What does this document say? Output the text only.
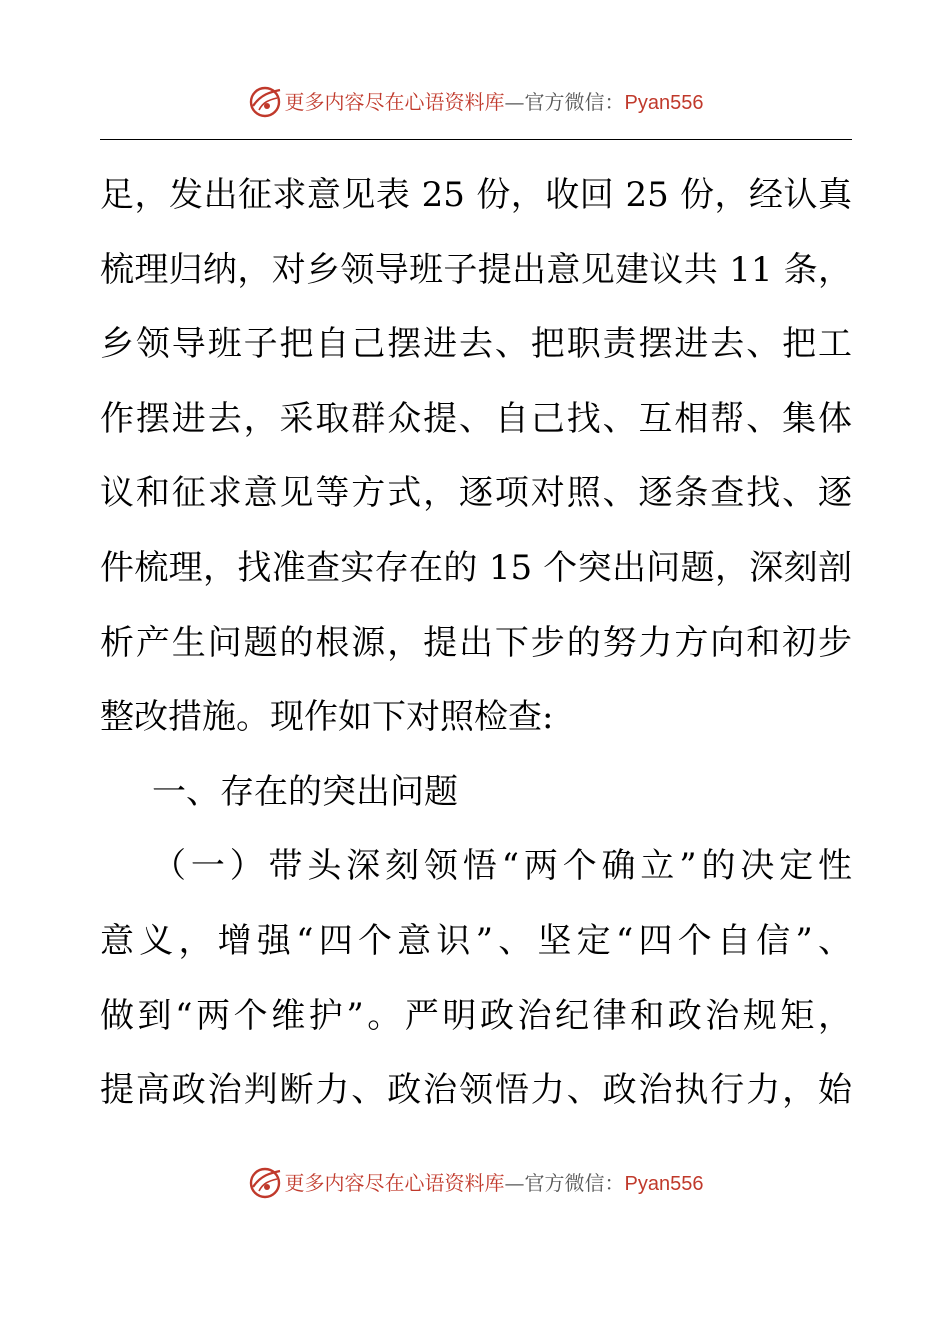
更多内容尽在心语资料库—官方微信：Pyan556
足，发出征求意见表 25 份，收回 25 份，经认真
梳理归纳，对乡领导班子提出意见建议共 11 条，
乡领导班子把自己摆进去、把职责摆进去、把工
作摆进去，采取群众提、自己找、互相帮、集体
议和征求意见等方式，逐项对照、逐条查找、逐
件梳理，找准查实存在的 15 个突出问题，深刻剖
析产生问题的根源，提出下步的努力方向和初步
整改措施。现作如下对照检查:
一、存在的突出问题
（一）带头深刻领悟“两个确立”的决定性
意义，增强“四个意识”、坚定“四个自信”、
做到“两个维护”。严明政治纪律和政治规矩，
提高政治判断力、政治领悟力、政治执行力，始
更多内容尽在心语资料库—官方微信：Pyan556
